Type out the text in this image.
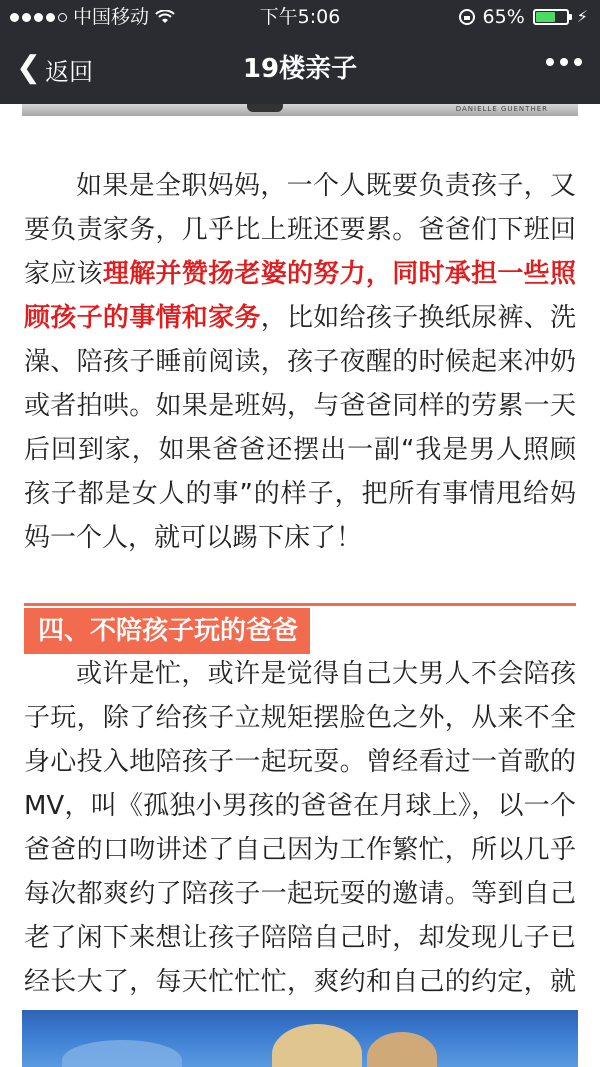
中国移动	下午5:06	65%	⚡
❮ 返回	19楼亲子
DANIELLE GUENTHER

如果是全职妈妈，一个人既要负责孩子，又要负责家务，几乎比上班还要累。爸爸们下班回家应该理解并赞扬老婆的努力，同时承担一些照顾孩子的事情和家务，比如给孩子换纸尿裤、洗澡、陪孩子睡前阅读，孩子夜醒的时候起来冲奶或者拍哄。如果是班妈，与爸爸同样的劳累一天后回到家，如果爸爸还摆出一副“我是男人照顾孩子都是女人的事”的样子，把所有事情甩给妈妈一个人，就可以踢下床了！

四、不陪孩子玩的爸爸

或许是忙，或许是觉得自己大男人不会陪孩子玩，除了给孩子立规矩摆脸色之外，从来不全身心投入地陪孩子一起玩耍。曾经看过一首歌的MV，叫《孤独小男孩的爸爸在月球上》，以一个爸爸的口吻讲述了自己因为工作繁忙，所以几乎每次都爽约了陪孩子一起玩耍的邀请。等到自己老了闲下来想让孩子陪陪自己时，却发现儿子已经长大了，每天忙忙忙，爽约和自己的约定，就
